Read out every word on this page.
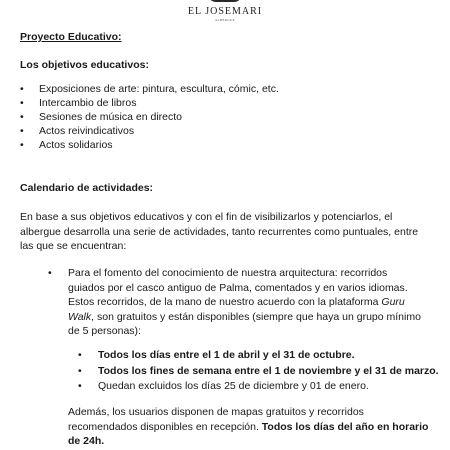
EL JOSEMARI
ALBERGUE
Proyecto Educativo:
Los objetivos educativos:
•	Exposiciones de arte: pintura, escultura, cómic, etc.
•	Intercambio de libros
•	Sesiones de música en directo
•	Actos reivindicativos
•	Actos solidarios
Calendario de actividades:
En base a sus objetivos educativos y con el fin de visibilizarlos y potenciarlos, el
albergue desarrolla una serie de actividades, tanto recurrentes como puntuales, entre
las que se encuentran:
• Para el fomento del conocimiento de nuestra arquitectura: recorridos
guiados por el casco antiguo de Palma, comentados y en varios idiomas.
Estos recorridos, de la mano de nuestro acuerdo con la plataforma Guru
Walk, son gratuitos y están disponibles (siempre que haya un grupo mínimo
de 5 personas):
• Todos los días entre el 1 de abril y el 31 de octubre.
• Todos los fines de semana entre el 1 de noviembre y el 31 de marzo.
• Quedan excluidos los días 25 de diciembre y 01 de enero.
Además, los usuarios disponen de mapas gratuitos y recorridos
recomendados disponibles en recepción. Todos los días del año en horario
de 24h.
